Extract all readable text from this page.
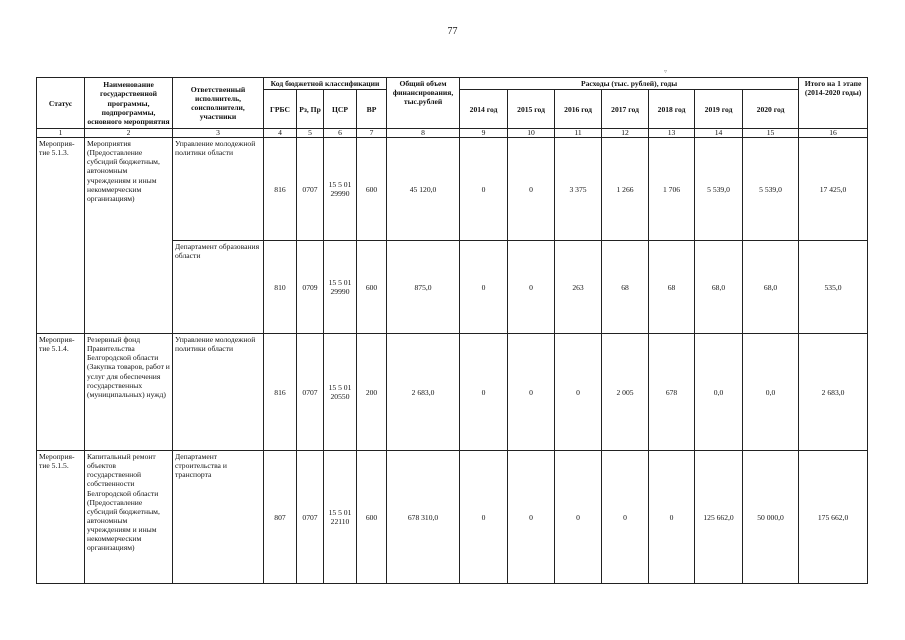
77
▿
Статус	Наименование государственной программы, подпрограммы, основного мероприятия	Ответственный исполнитель, соисполнители, участники	Код бюджетной классификации				Общий объем финансирования, тыс.рублей	Расходы (тыс. рублей), годы							Итого на 1 этапе (2014-2020 годы)
			ГРБС	Рз, Пр	ЦСР	ВР		2014 год	2015 год	2016 год	2017 год	2018 год	2019 год	2020 год	
1	2	3	4	5	6	7	8	9	10	11	12	13	14	15	16
Мероприя-тие 5.1.3.	Мероприятия (Предоставление субсидий бюджетным, автономным учреждениям и иным некоммерческим организациям)	Управление молодежной политики области	816	0707	15 5 01 29990	600	45 120,0	0	0	3 375	1 266	1 706	5 539,0	5 539,0	17 425,0
		Департамент образования области	810	0709	15 5 01 29990	600	875,0	0	0	263	68	68	68,0	68,0	535,0
Мероприя-тие 5.1.4.	Резервный фонд Правительства Белгородской области (Закупка товаров, работ и услуг для обеспечения государственных (муниципальных) нужд)	Управление молодежной политики области	816	0707	15 5 01 20550	200	2 683,0	0	0	0	2 005	678	0,0	0,0	2 683,0
Мероприя-тие 5.1.5.	Капитальный ремонт объектов государственной собственности Белгородской области (Предоставление субсидий бюджетным, автономным учреждениям и иным некоммерческим организациям)	Департамент строительства и транспорта	807	0707	15 5 01 22110	600	678 310,0	0	0	0	0	0	125 662,0	50 000,0	175 662,0
